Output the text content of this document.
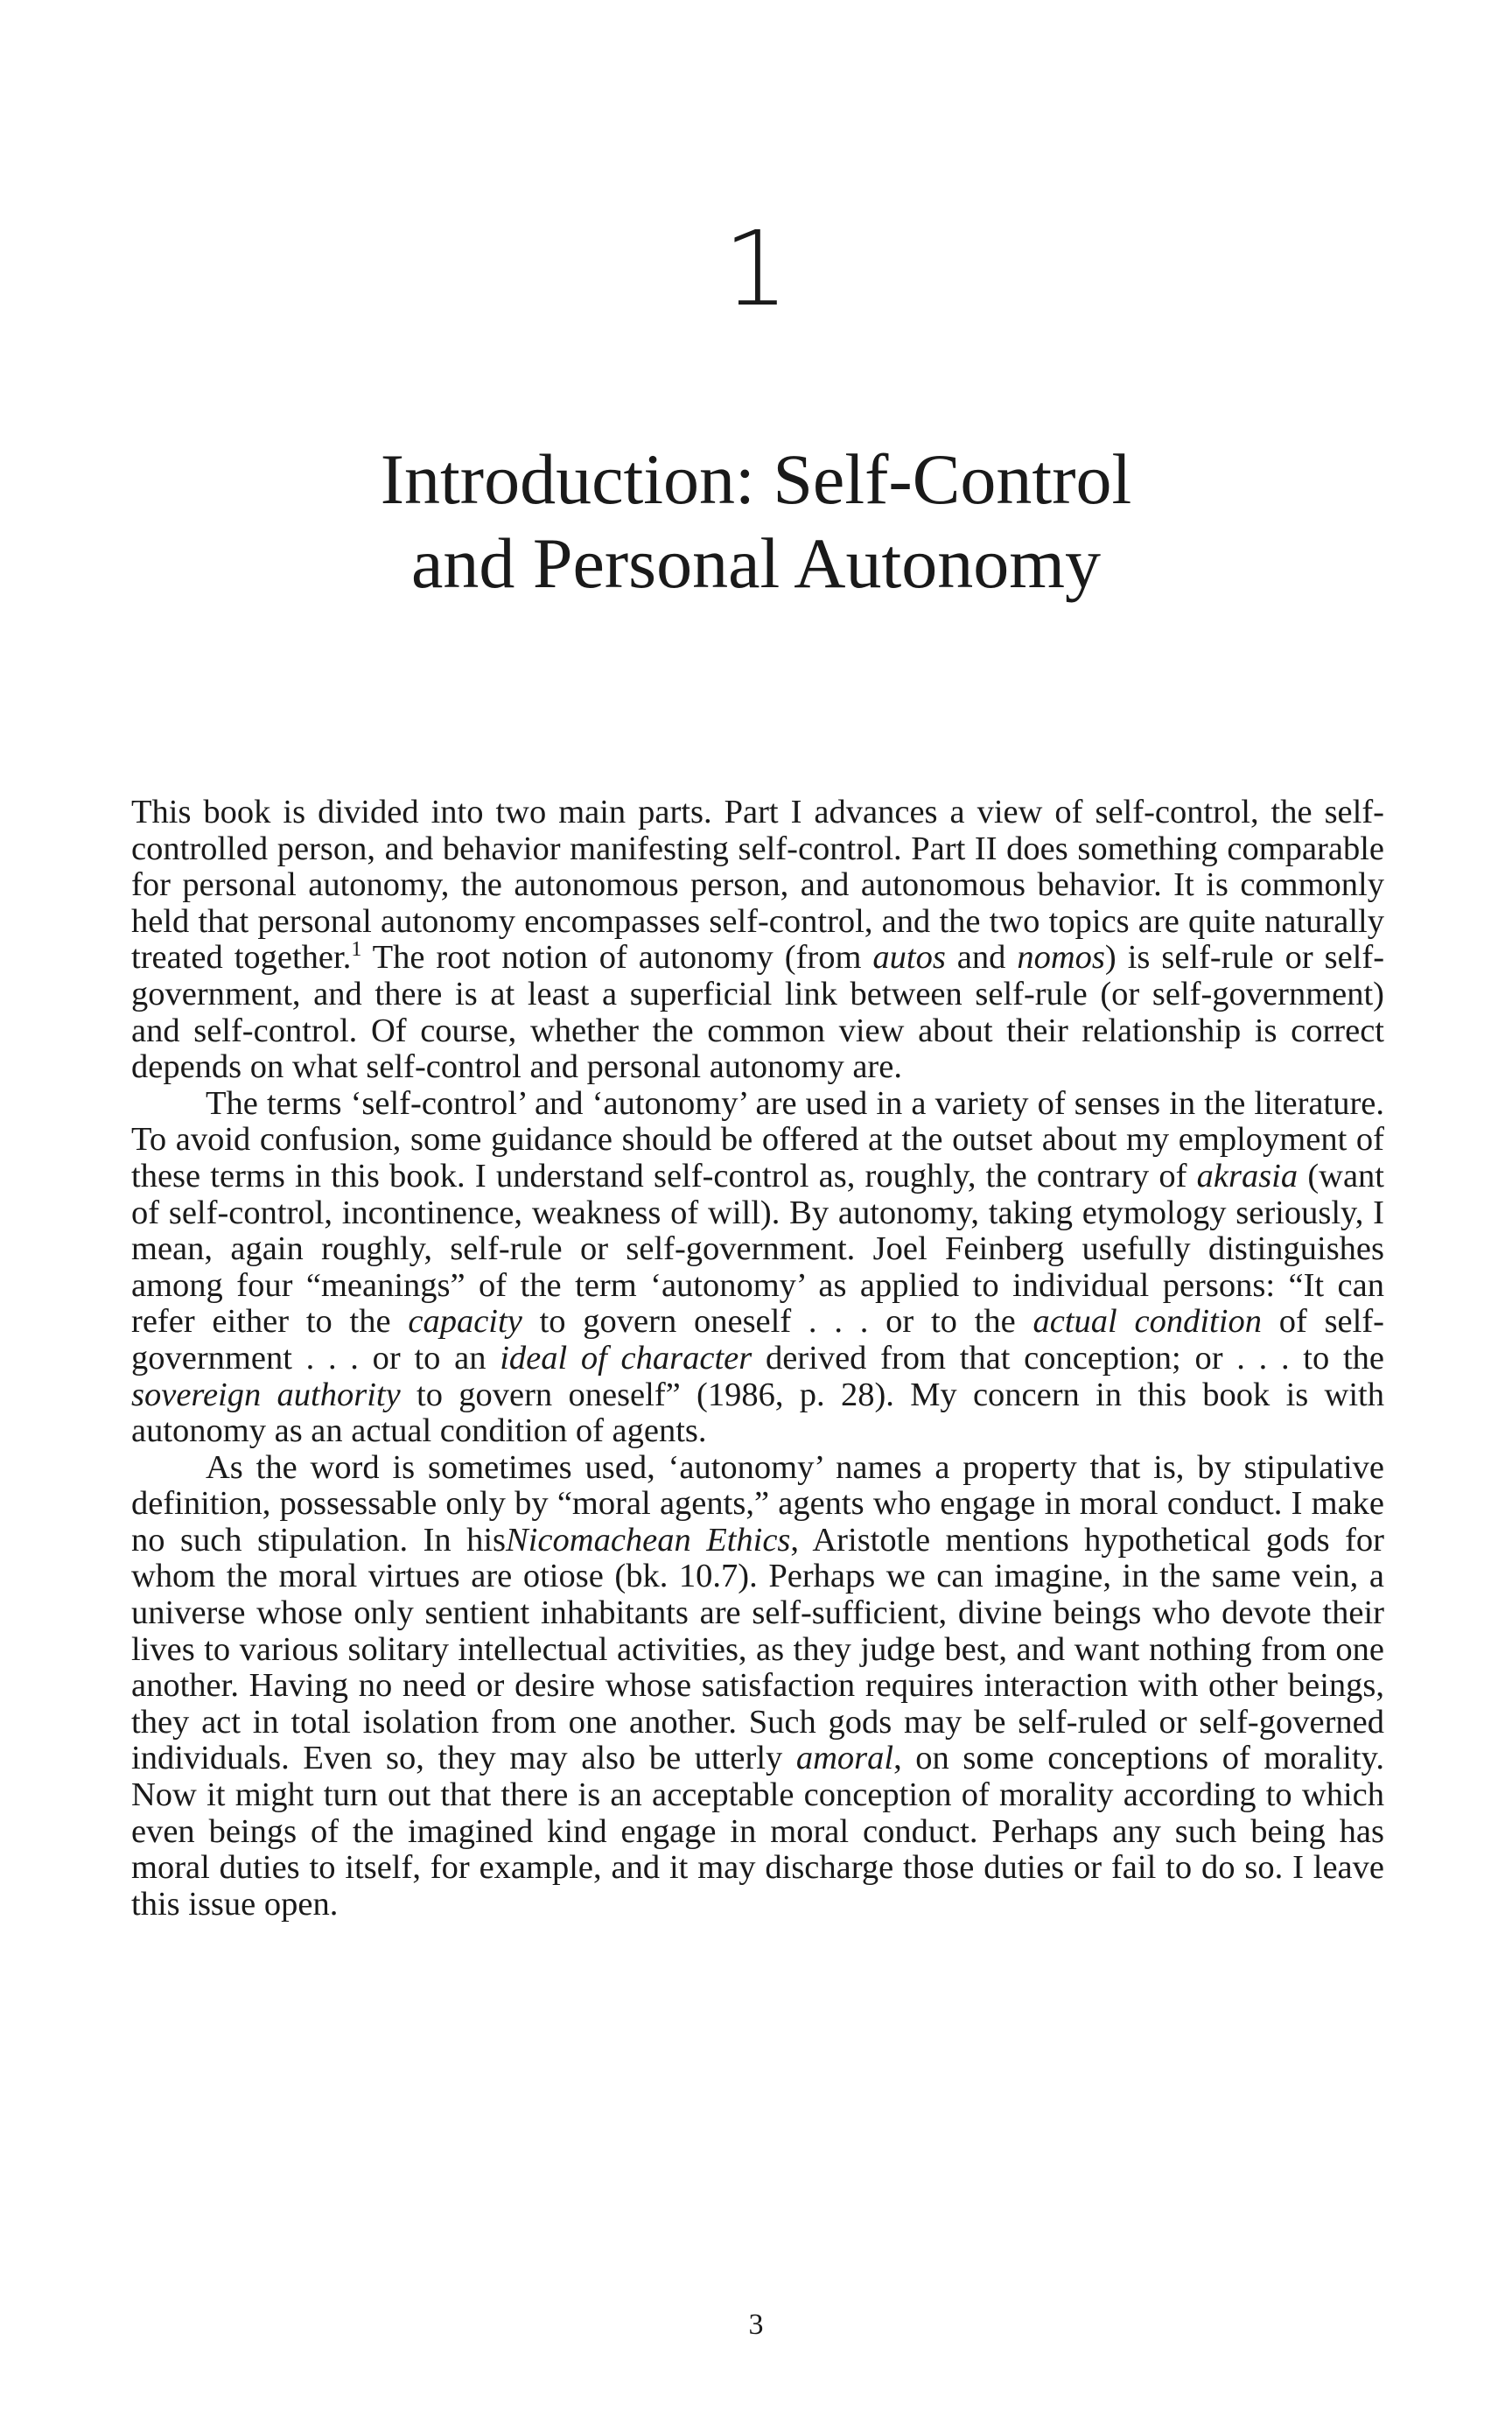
1
Introduction: Self-Control
and Personal Autonomy

This book is divided into two main parts. Part I advances a view of self-control, the self-controlled person, and behavior manifesting self-control. Part II does something comparable for personal autonomy, the autonomous person, and autonomous behavior. It is commonly held that personal autonomy encompasses self-control, and the two topics are quite naturally treated together.$^1$ The root notion of autonomy (from autos and nomos) is self-rule or self-government, and there is at least a superficial link between self-rule (or self-government) and self-control. Of course, whether the common view about their relationship is correct depends on what self-control and personal autonomy are.

The terms ‘self-control’ and ‘autonomy’ are used in a variety of senses in the literature. To avoid confusion, some guidance should be offered at the outset about my employment of these terms in this book. I understand self-control as, roughly, the contrary of akrasia (want of self-control, incontinence, weakness of will). By autonomy, taking etymology seriously, I mean, again roughly, self-rule or self-government. Joel Feinberg usefully distinguishes among four “meanings” of the term ‘autonomy’ as applied to individual persons: “It can refer either to the capacity to govern oneself . . . or to the actual condition of self-government . . . or to an ideal of character derived from that conception; or . . . to the sovereign authority to govern oneself” (1986, p. 28). My concern in this book is with autonomy as an actual condition of agents.

As the word is sometimes used, ‘autonomy’ names a property that is, by stipulative definition, possessable only by “moral agents,” agents who engage in moral conduct. I make no such stipulation. In hisNicomachean Ethics, Aristotle mentions hypothetical gods for whom the moral virtues are otiose (bk. 10.7). Perhaps we can imagine, in the same vein, a universe whose only sentient inhabitants are self-sufficient, divine beings who devote their lives to various solitary intellectual activities, as they judge best, and want nothing from one another. Having no need or desire whose satisfaction requires interaction with other beings, they act in total isolation from one another. Such gods may be self-ruled or self-governed individuals. Even so, they may also be utterly amoral, on some conceptions of morality. Now it might turn out that there is an acceptable conception of morality according to which even beings of the imagined kind engage in moral conduct. Perhaps any such being has moral duties to itself, for example, and it may discharge those duties or fail to do so. I leave this issue open.

3
